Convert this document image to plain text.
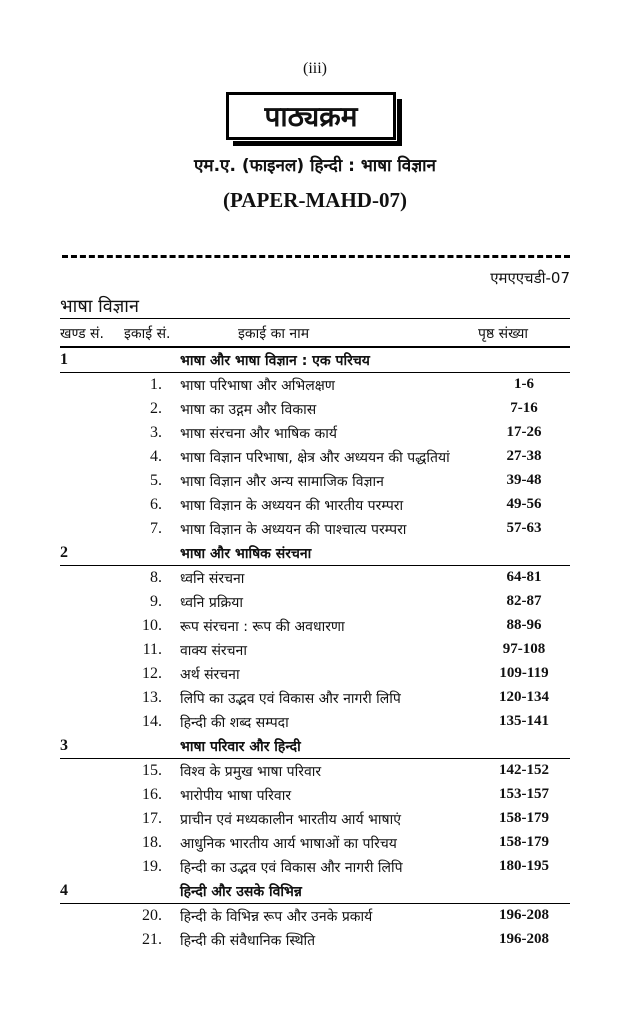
(iii)
पाठ्यक्रम
एम.ए. (फाइनल) हिन्दी : भाषा विज्ञान
(PAPER-MAHD-07)
एमएएचडी-07
भाषा विज्ञान
खण्ड सं. इकाई सं.	इकाई का नाम	पृष्ठ संख्या
1	भाषा और भाषा विज्ञान : एक परिचय
1. भाषा परिभाषा और अभिलक्षण	1-6
2. भाषा का उद्गम और विकास	7-16
3. भाषा संरचना और भाषिक कार्य	17-26
4. भाषा विज्ञान परिभाषा, क्षेत्र और अध्ययन की पद्धतियां	27-38
5. भाषा विज्ञान और अन्य सामाजिक विज्ञान	39-48
6. भाषा विज्ञान के अध्ययन की भारतीय परम्परा	49-56
7. भाषा विज्ञान के अध्ययन की पाश्चात्य परम्परा	57-63
2	भाषा और भाषिक संरचना
8. ध्वनि संरचना	64-81
9. ध्वनि प्रक्रिया	82-87
10. रूप संरचना : रूप की अवधारणा	88-96
11. वाक्य संरचना	97-108
12. अर्थ संरचना	109-119
13. लिपि का उद्भव एवं विकास और नागरी लिपि	120-134
14. हिन्दी की शब्द सम्पदा	135-141
3	भाषा परिवार और हिन्दी
15. विश्व के प्रमुख भाषा परिवार	142-152
16. भारोपीय भाषा परिवार	153-157
17. प्राचीन एवं मध्यकालीन भारतीय आर्य भाषाएं	158-179
18. आधुनिक भारतीय आर्य भाषाओं का परिचय	158-179
19. हिन्दी का उद्भव एवं विकास और नागरी लिपि	180-195
4	हिन्दी और उसके विभिन्न
20. हिन्दी के विभिन्न रूप और उनके प्रकार्य	196-208
21. हिन्दी की संवैधानिक स्थिति	196-208
